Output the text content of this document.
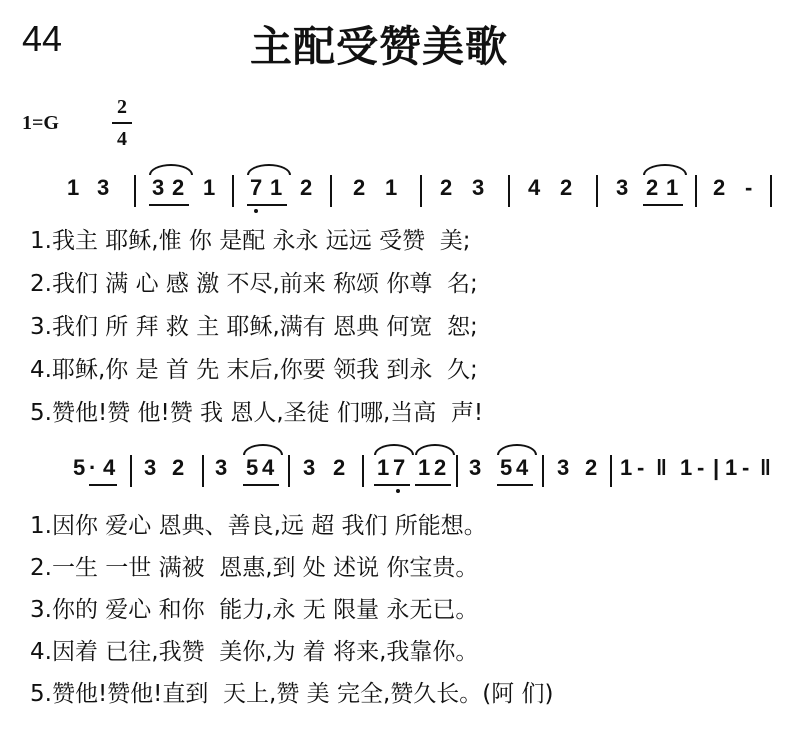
44	主配受赞美歌
1=G
2
4
1 3 3 2 1 7 1 2 2 1 2 3 4 2 3 2 1 2 -
1.我主 耶稣,惟 你 是配 永永 远远 受赞  美;
2.我们 满 心 感 激 不尽,前来 称颂 你尊  名;
3.我们 所 拜 救 主 耶稣,满有 恩典 何宽  恕;
4.耶稣,你 是 首 先 末后,你要 领我 到永  久;
5.赞他!赞 他!赞 我 恩人,圣徒 们哪,当高  声!
5 · 4 3 2 3 5 4 3 2 1 7 1 2 3 5 4 3 2 1 - ‖ 1 - | 1 - ‖
1.因你 爱心 恩典、善良,远 超 我们 所能想。
2.一生 一世 满被  恩惠,到 处 述说 你宝贵。
3.你的 爱心 和你  能力,永 无 限量 永无已。
4.因着 已往,我赞  美你,为 着 将来,我靠你。
5.赞他!赞他!直到  天上,赞 美 完全,赞久长。(阿 们)
